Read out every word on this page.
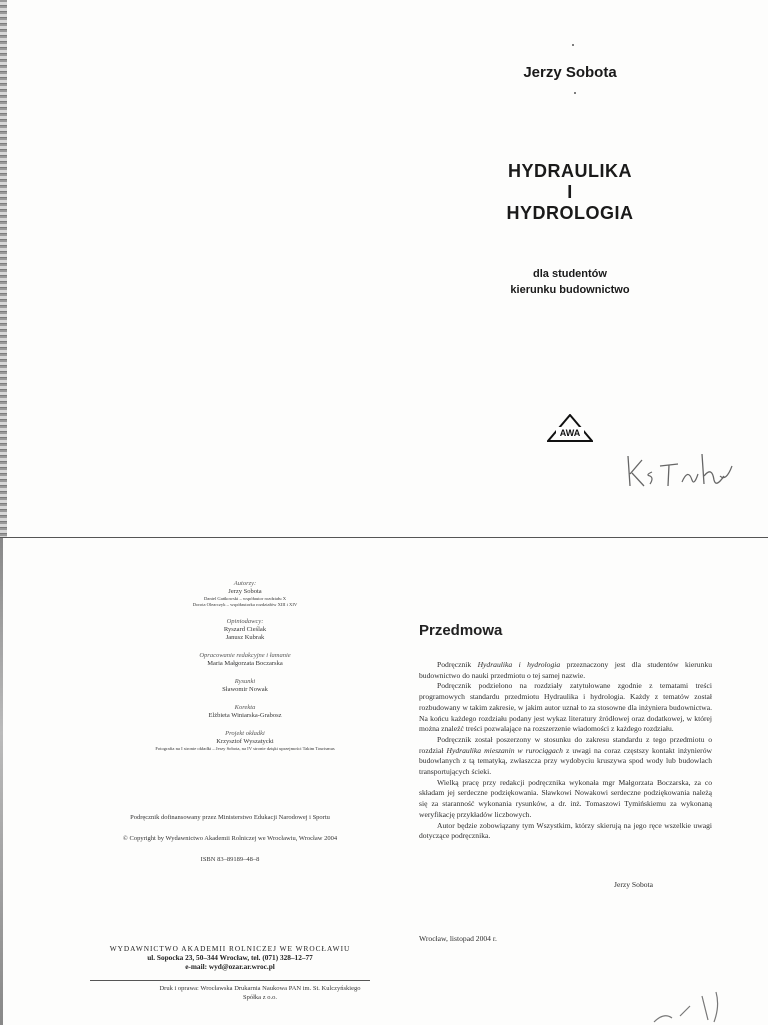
Jerzy Sobota
HYDRAULIKA
I
HYDROLOGIA
dla studentów
kierunku budownictwo
AWA
Autorzy:
Jerzy Sobota
Daniel Gańkowski – współautor rozdziału X
Dorota Olearczyk – współautorka rozdziałów XIII i XIV
Opiniodawcy:
Ryszard Cieślak
Janusz Kubrak
Opracowanie redakcyjne i łamanie
Maria Małgorzata Boczarska
Rysunki
Sławomir Nowak
Korekta
Elżbieta Winiarska-Grabosz
Projekt okładki
Krzysztof Wyszatycki
Fotografia na I stronie okładki – Jerzy Sobota, na IV stronie dzięki uprzejmości Takim Tourismus
Podręcznik dofinansowany przez Ministerstwo Edukacji Narodowej i Sportu
© Copyright by Wydawnictwo Akademii Rolniczej we Wrocławiu, Wrocław 2004
ISBN 83–89189–48–8
WYDAWNICTWO AKADEMII ROLNICZEJ WE WROCŁAWIU
ul. Sopocka 23, 50–344 Wrocław, tel. (071) 328–12–77
e-mail: wyd@ozar.ar.wroc.pl
Druk i oprawa: Wrocławska Drukarnia Naukowa PAN im. St. Kulczyńskiego
Spółka z o.o.
Przedmowa

Podręcznik Hydraulika i hydrologia przeznaczony jest dla studentów kierunku budownictwo do nauki przedmiotu o tej samej nazwie.

Podręcznik podzielono na rozdziały zatytułowane zgodnie z tematami treści programowych standardu przedmiotu Hydraulika i hydrologia. Każdy z tematów został rozbudowany w takim zakresie, w jakim autor uznał to za stosowne dla inżyniera budownictwa. Na końcu każdego rozdziału podany jest wykaz literatury źródłowej oraz dodatkowej, w której można znaleźć treści pozwalające na rozszerzenie wiadomości z każdego rozdziału.

Podręcznik został poszerzony w stosunku do zakresu standardu z tego przedmiotu o rozdział Hydraulika mieszanin w rurociągach z uwagi na coraz częstszy kontakt inżynierów budowlanych z tą tematyką, zwłaszcza przy wydobyciu kruszywa spod wody lub budowlach transportujących ścieki.

Wielką pracę przy redakcji podręcznika wykonała mgr Małgorzata Boczarska, za co składam jej serdeczne podziękowania. Sławkowi Nowakowi serdeczne podziękowania należą się za staranność wykonania rysunków, a dr. inż. Tomaszowi Tymińskiemu za wykonaną weryfikację przykładów liczbowych.

Autor będzie zobowiązany tym Wszystkim, którzy skierują na jego ręce wszelkie uwagi dotyczące podręcznika.

Jerzy Sobota
Wrocław, listopad 2004 r.
